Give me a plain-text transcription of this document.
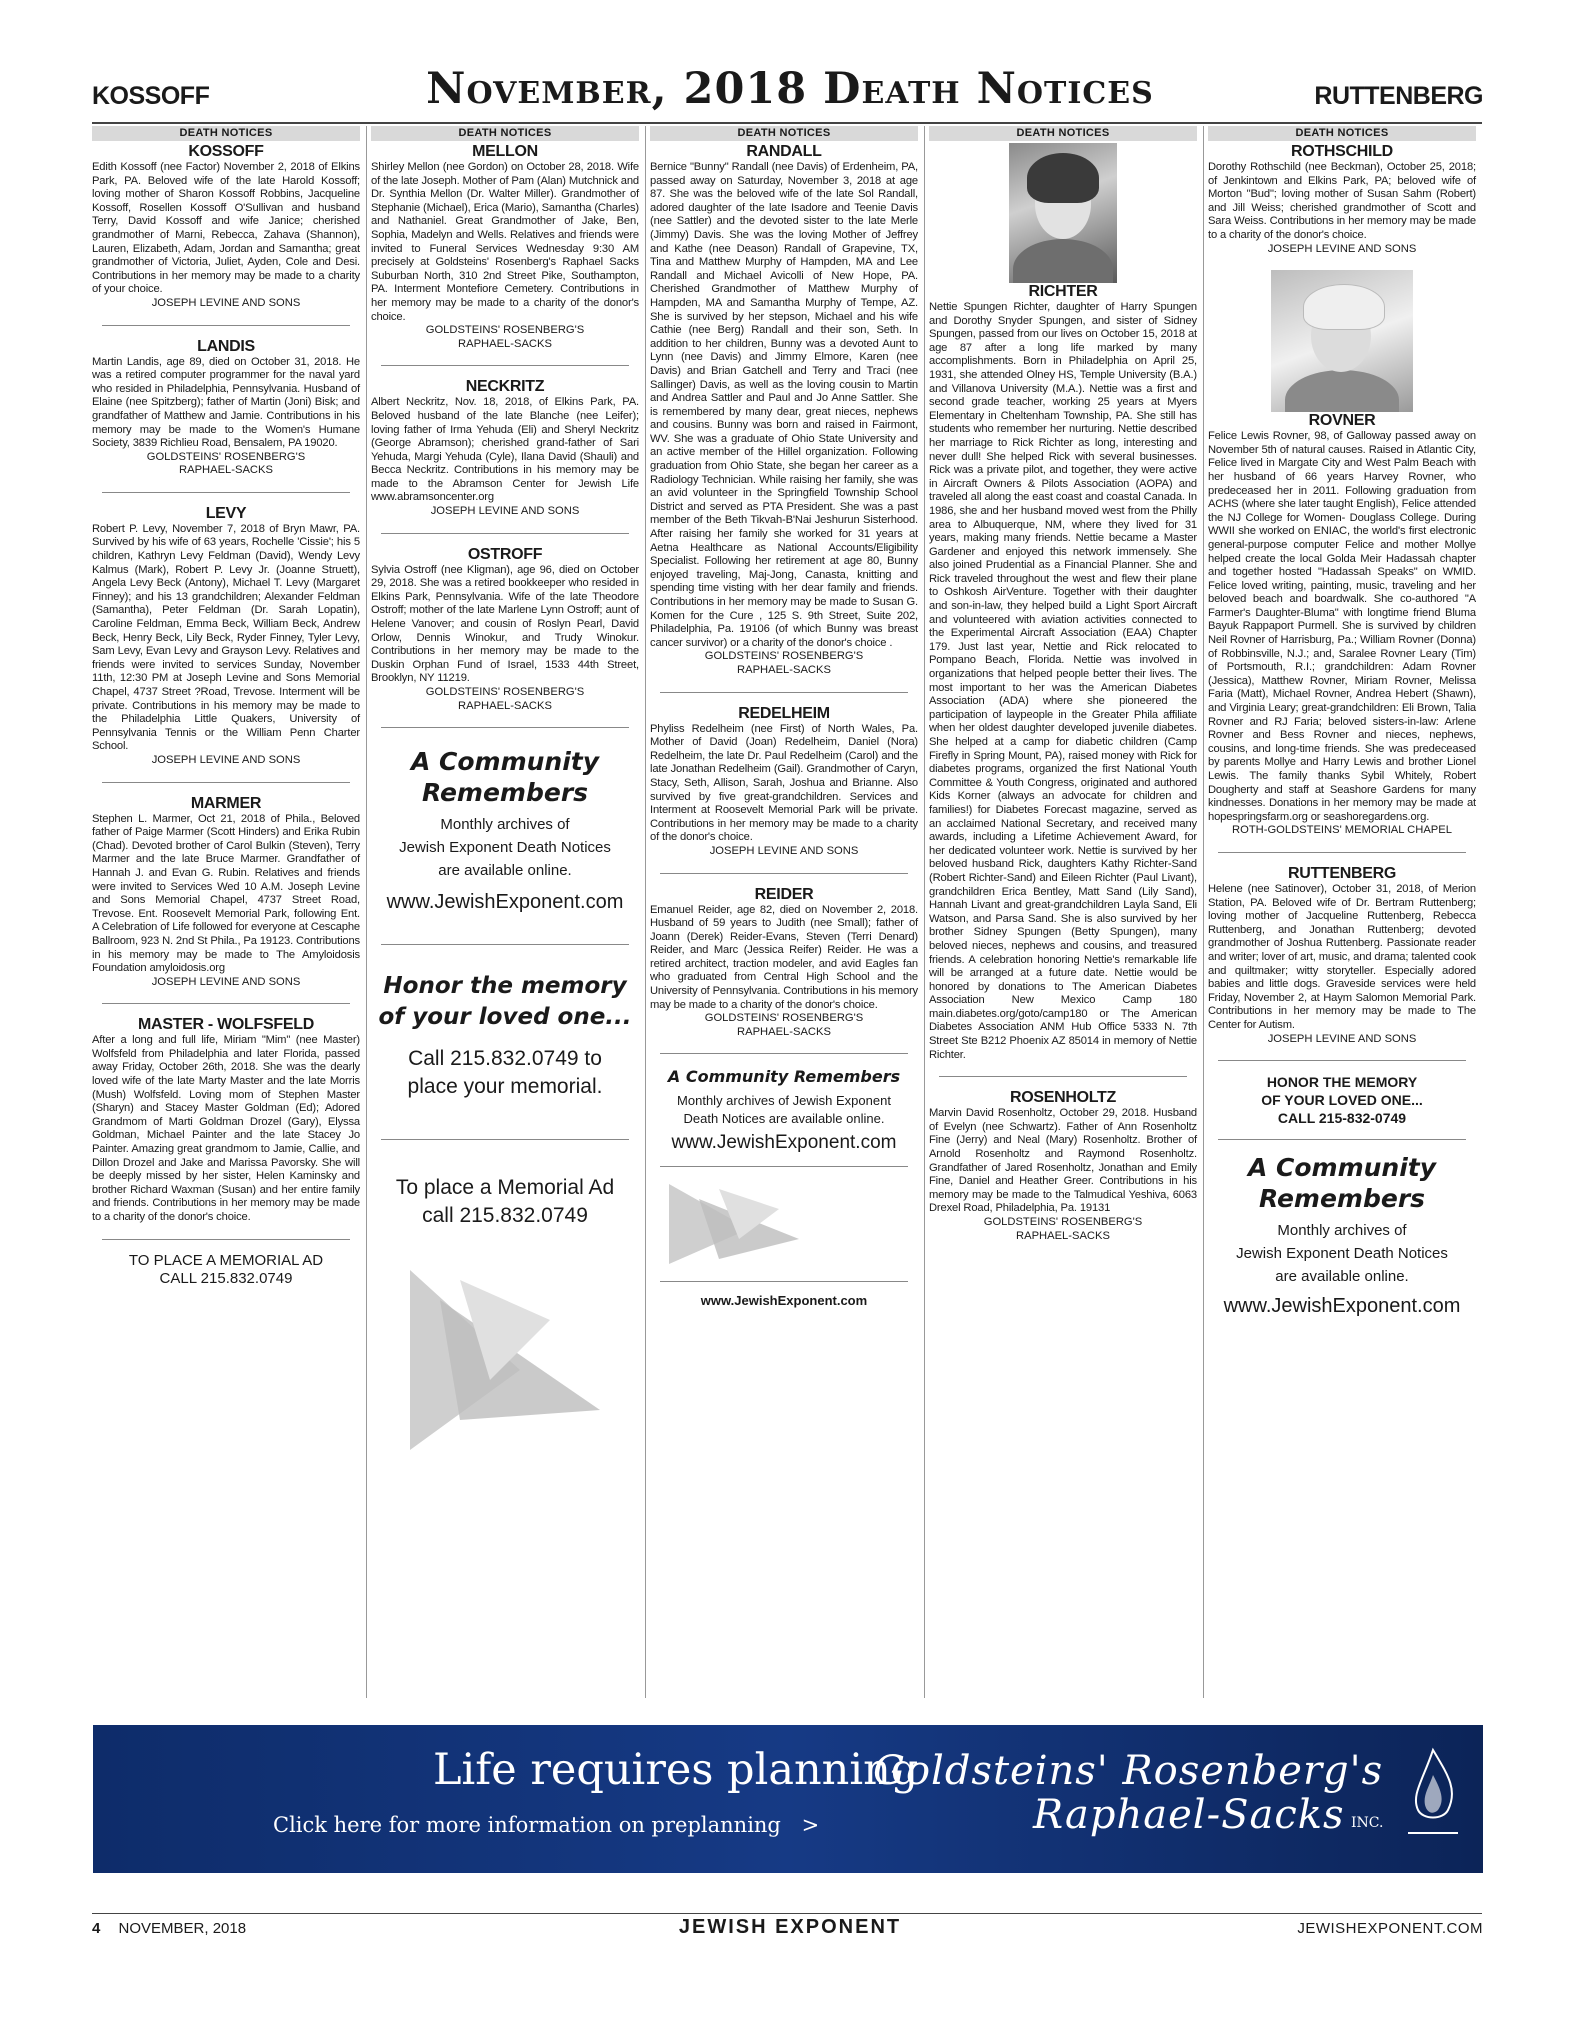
KOSSOFF	November, 2018 Death Notices	RUTTENBERG
DEATH NOTICES

KOSSOFF

Edith Kossoff (nee Factor) November 2, 2018 of Elkins Park, PA. Beloved wife of the late Harold Kossoff; loving mother of Sharon Kossoff Robbins, Jacqueline Kossoff, Rosellen Kossoff O'Sullivan and husband Terry, David Kossoff and wife Janice; cherished grandmother of Marni, Rebecca, Zahava (Shannon), Lauren, Elizabeth, Adam, Jordan and Samantha; great grandmother of Victoria, Juliet, Ayden, Cole and Desi. Contributions in her memory may be made to a charity of your choice.

JOSEPH LEVINE AND SONS

LANDIS

Martin Landis, age 89, died on October 31, 2018. He was a retired computer programmer for the naval yard who resided in Philadelphia, Pennsylvania. Husband of Elaine (nee Spitzberg); father of Martin (Joni) Bisk; and grandfather of Matthew and Jamie. Contributions in his memory may be made to the Women's Humane Society, 3839 Richlieu Road, Bensalem, PA 19020.

GOLDSTEINS' ROSENBERG'S

RAPHAEL-SACKS

LEVY

Robert P. Levy, November 7, 2018 of Bryn Mawr, PA. Survived by his wife of 63 years, Rochelle 'Cissie'; his 5 children, Kathryn Levy Feldman (David), Wendy Levy Kalmus (Mark), Robert P. Levy Jr. (Joanne Struett), Angela Levy Beck (Antony), Michael T. Levy (Margaret Finney); and his 13 grandchildren; Alexander Feldman (Samantha), Peter Feldman (Dr. Sarah Lopatin), Caroline Feldman, Emma Beck, William Beck, Andrew Beck, Henry Beck, Lily Beck, Ryder Finney, Tyler Levy, Sam Levy, Evan Levy and Grayson Levy. Relatives and friends were invited to services Sunday, November 11th, 12:30 PM at Joseph Levine and Sons Memorial Chapel, 4737 Street ?Road, Trevose. Interment will be private. Contributions in his memory may be made to the Philadelphia Little Quakers, University of Pennsylvania Tennis or the William Penn Charter School.

JOSEPH LEVINE AND SONS

MARMER

Stephen L. Marmer, Oct 21, 2018 of Phila., Beloved father of Paige Marmer (Scott Hinders) and Erika Rubin (Chad). Devoted brother of Carol Bulkin (Steven), Terry Marmer and the late Bruce Marmer. Grandfather of Hannah J. and Evan G. Rubin. Relatives and friends were invited to Services Wed 10 A.M. Joseph Levine and Sons Memorial Chapel, 4737 Street Road, Trevose. Ent. Roosevelt Memorial Park, following Ent. A Celebration of Life followed for everyone at Cescaphe Ballroom, 923 N. 2nd St Phila., Pa 19123. Contributions in his memory may be made to The Amyloidosis Foundation amyloidosis.org

JOSEPH LEVINE AND SONS

MASTER - WOLFSFELD

After a long and full life, Miriam "Mim" (nee Master) Wolfsfeld from Philadelphia and later Florida, passed away Friday, October 26th, 2018. She was the dearly loved wife of the late Marty Master and the late Morris (Mush) Wolfsfeld. Loving mom of Stephen Master (Sharyn) and Stacey Master Goldman (Ed); Adored Grandmom of Marti Goldman Drozel (Gary), Elyssa Goldman, Michael Painter and the late Stacey Jo Painter. Amazing great grandmom to Jamie, Callie, and Dillon Drozel and Jake and Marissa Pavorsky. She will be deeply missed by her sister, Helen Kaminsky and brother Richard Waxman (Susan) and her entire family and friends. Contributions in her memory may be made to a charity of the donor's choice.

TO PLACE A MEMORIAL AD

CALL 215.832.0749

DEATH NOTICES

MELLON

Shirley Mellon (nee Gordon) on October 28, 2018. Wife of the late Joseph. Mother of Pam (Alan) Mutchnick and Dr. Synthia Mellon (Dr. Walter Miller). Grandmother of Stephanie (Michael), Erica (Mario), Samantha (Charles) and Nathaniel. Great Grandmother of Jake, Ben, Sophia, Madelyn and Wells. Relatives and friends were invited to Funeral Services Wednesday 9:30 AM precisely at Goldsteins' Rosenberg's Raphael Sacks Suburban North, 310 2nd Street Pike, Southampton, PA. Interment Montefiore Cemetery. Contributions in her memory may be made to a charity of the donor's choice.

GOLDSTEINS' ROSENBERG'S

RAPHAEL-SACKS

NECKRITZ

Albert Neckritz, Nov. 18, 2018, of Elkins Park, PA. Beloved husband of the late Blanche (nee Leifer); loving father of Irma Yehuda (Eli) and Sheryl Neckritz (George Abramson); cherished grand-father of Sari Yehuda, Margi Yehuda (Cyle), Ilana David (Shauli) and Becca Neckritz. Contributions in his memory may be made to the Abramson Center for Jewish Life www.abramsoncenter.org

JOSEPH LEVINE AND SONS

OSTROFF

Sylvia Ostroff (nee Kligman), age 96, died on October 29, 2018. She was a retired bookkeeper who resided in Elkins Park, Pennsylvania. Wife of the late Theodore Ostroff; mother of the late Marlene Lynn Ostroff; aunt of Helene Vanover; and cousin of Roslyn Pearl, David Orlow, Dennis Winokur, and Trudy Winokur. Contributions in her memory may be made to the Duskin Orphan Fund of Israel, 1533 44th Street, Brooklyn, NY 11219.

GOLDSTEINS' ROSENBERG'S

RAPHAEL-SACKS

A Community

Remembers

Monthly archives of

Jewish Exponent Death Notices

are available online.

www.JewishExponent.com

Honor the memory

of your loved one...

Call 215.832.0749 to

place your memorial.

To place a Memorial Ad

call 215.832.0749

DEATH NOTICES

RANDALL

Bernice "Bunny" Randall (nee Davis) of Erdenheim, PA, passed away on Saturday, November 3, 2018 at age 87. She was the beloved wife of the late Sol Randall, adored daughter of the late Isadore and Teenie Davis (nee Sattler) and the devoted sister to the late Merle (Jimmy) Davis. She was the loving Mother of Jeffrey and Kathe (nee Deason) Randall of Grapevine, TX, Tina and Matthew Murphy of Hampden, MA and Lee Randall and Michael Avicolli of New Hope, PA. Cherished Grandmother of Matthew Murphy of Hampden, MA and Samantha Murphy of Tempe, AZ. She is survived by her stepson, Michael and his wife Cathie (nee Berg) Randall and their son, Seth. In addition to her children, Bunny was a devoted Aunt to Lynn (nee Davis) and Jimmy Elmore, Karen (nee Davis) and Brian Gatchell and Terry and Traci (nee Sallinger) Davis, as well as the loving cousin to Martin and Andrea Sattler and Paul and Jo Anne Sattler. She is remembered by many dear, great nieces, nephews and cousins. Bunny was born and raised in Fairmont, WV. She was a graduate of Ohio State University and an active member of the Hillel organization. Following graduation from Ohio State, she began her career as a Radiology Technician. While raising her family, she was an avid volunteer in the Springfield Township School District and served as PTA President. She was a past member of the Beth Tikvah-B'Nai Jeshurun Sisterhood. After raising her family she worked for 31 years at Aetna Healthcare as National Accounts/Eligibility Specialist. Following her retirement at age 80, Bunny enjoyed traveling, Maj-Jong, Canasta, knitting and spending time visting with her dear family and friends. Contributions in her memory may be made to Susan G. Komen for the Cure , 125 S. 9th Street, Suite 202, Philadelphia, Pa. 19106 (of which Bunny was breast cancer survivor) or a charity of the donor's choice .

GOLDSTEINS' ROSENBERG'S

RAPHAEL-SACKS

REDELHEIM

Phyliss Redelheim (nee First) of North Wales, Pa. Mother of David (Joan) Redelheim, Daniel (Nora) Redelheim, the late Dr. Paul Redelheim (Carol) and the late Jonathan Redelheim (Gail). Grandmother of Caryn, Stacy, Seth, Allison, Sarah, Joshua and Brianne. Also survived by five great-grandchildren. Services and Interment at Roosevelt Memorial Park will be private. Contributions in her memory may be made to a charity of the donor's choice.

JOSEPH LEVINE AND SONS

REIDER

Emanuel Reider, age 82, died on November 2, 2018. Husband of 59 years to Judith (nee Small); father of Joann (Derek) Reider-Evans, Steven (Terri Denard) Reider, and Marc (Jessica Reifer) Reider. He was a retired architect, traction modeler, and avid Eagles fan who graduated from Central High School and the University of Pennsylvania. Contributions in his memory may be made to a charity of the donor's choice.

GOLDSTEINS' ROSENBERG'S

RAPHAEL-SACKS

A Community Remembers

Monthly archives of Jewish Exponent

Death Notices are available online.

www.JewishExponent.com

www.JewishExponent.com

DEATH NOTICES

RICHTER

Nettie Spungen Richter, daughter of Harry Spungen and Dorothy Snyder Spungen, and sister of Sidney Spungen, passed from our lives on October 15, 2018 at age 87 after a long life marked by many accomplishments. Born in Philadelphia on April 25, 1931, she attended Olney HS, Temple University (B.A.) and Villanova University (M.A.). Nettie was a first and second grade teacher, working 25 years at Myers Elementary in Cheltenham Township, PA. She still has students who remember her nurturing. Nettie described her marriage to Rick Richter as long, interesting and never dull! She helped Rick with several businesses. Rick was a private pilot, and together, they were active in Aircraft Owners & Pilots Association (AOPA) and traveled all along the east coast and coastal Canada. In 1986, she and her husband moved west from the Philly area to Albuquerque, NM, where they lived for 31 years, making many friends. Nettie became a Master Gardener and enjoyed this network immensely. She also joined Prudential as a Financial Planner. She and Rick traveled throughout the west and flew their plane to Oshkosh AirVenture. Together with their daughter and son-in-law, they helped build a Light Sport Aircraft and volunteered with aviation activities connected to the Experimental Aircraft Association (EAA) Chapter 179. Just last year, Nettie and Rick relocated to Pompano Beach, Florida. Nettie was involved in organizations that helped people better their lives. The most important to her was the American Diabetes Association (ADA) where she pioneered the participation of laypeople in the Greater Phila affiliate when her oldest daughter developed juvenile diabetes. She helped at a camp for diabetic children (Camp Firefly in Spring Mount, PA), raised money with Rick for diabetes programs, organized the first National Youth Committee & Youth Congress, originated and authored Kids Korner (always an advocate for children and families!) for Diabetes Forecast magazine, served as an acclaimed National Secretary, and received many awards, including a Lifetime Achievement Award, for her dedicated volunteer work. Nettie is survived by her beloved husband Rick, daughters Kathy Richter-Sand (Robert Richter-Sand) and Eileen Richter (Paul Livant), grandchildren Erica Bentley, Matt Sand (Lily Sand), Hannah Livant and great-grandchildren Layla Sand, Eli Watson, and Parsa Sand. She is also survived by her brother Sidney Spungen (Betty Spungen), many beloved nieces, nephews and cousins, and treasured friends. A celebration honoring Nettie's remarkable life will be arranged at a future date. Nettie would be honored by donations to The American Diabetes Association New Mexico Camp 180 main.diabetes.org/goto/camp180 or The American Diabetes Association ANM Hub Office 5333 N. 7th Street Ste B212 Phoenix AZ 85014 in memory of Nettie Richter.

ROSENHOLTZ

Marvin David Rosenholtz, October 29, 2018. Husband of Evelyn (nee Schwartz). Father of Ann Rosenholtz Fine (Jerry) and Neal (Mary) Rosenholtz. Brother of Arnold Rosenholtz and Raymond Rosenholtz. Grandfather of Jared Rosenholtz, Jonathan and Emily Fine, Daniel and Heather Greer. Contributions in his memory may be made to the Talmudical Yeshiva, 6063 Drexel Road, Philadelphia, Pa. 19131

GOLDSTEINS' ROSENBERG'S

RAPHAEL-SACKS

DEATH NOTICES

ROTHSCHILD

Dorothy Rothschild (nee Beckman), October 25, 2018; of Jenkintown and Elkins Park, PA; beloved wife of Morton "Bud"; loving mother of Susan Sahm (Robert) and Jill Weiss; cherished grandmother of Scott and Sara Weiss. Contributions in her memory may be made to a charity of the donor's choice.

JOSEPH LEVINE AND SONS

ROVNER

Felice Lewis Rovner, 98, of Galloway passed away on November 5th of natural causes. Raised in Atlantic City, Felice lived in Margate City and West Palm Beach with her husband of 66 years Harvey Rovner, who predeceased her in 2011. Following graduation from ACHS (where she later taught English), Felice attended the NJ College for Women- Douglass College. During WWII she worked on ENIAC, the world's first electronic general-purpose computer Felice and mother Mollye helped create the local Golda Meir Hadassah chapter and together hosted "Hadassah Speaks" on WMID. Felice loved writing, painting, music, traveling and her beloved beach and boardwalk. She co-authored "A Farmer's Daughter-Bluma" with longtime friend Bluma Bayuk Rappaport Purmell. She is survived by children Neil Rovner of Harrisburg, Pa.; William Rovner (Donna) of Robbinsville, N.J.; and, Saralee Rovner Leary (Tim) of Portsmouth, R.I.; grandchildren: Adam Rovner (Jessica), Matthew Rovner, Miriam Rovner, Melissa Faria (Matt), Michael Rovner, Andrea Hebert (Shawn), and Virginia Leary; great-grandchildren: Eli Brown, Talia Rovner and RJ Faria; beloved sisters-in-law: Arlene Rovner and Bess Rovner and nieces, nephews, cousins, and long-time friends. She was predeceased by parents Mollye and Harry Lewis and brother Lionel Lewis. The family thanks Sybil Whitely, Robert Dougherty and staff at Seashore Gardens for many kindnesses. Donations in her memory may be made at hopespringsfarm.org or seashoregardens.org.

ROTH-GOLDSTEINS' MEMORIAL CHAPEL

RUTTENBERG

Helene (nee Satinover), October 31, 2018, of Merion Station, PA. Beloved wife of Dr. Bertram Ruttenberg; loving mother of Jacqueline Ruttenberg, Rebecca Ruttenberg, and Jonathan Ruttenberg; devoted grandmother of Joshua Ruttenberg. Passionate reader and writer; lover of art, music, and drama; talented cook and quiltmaker; witty storyteller. Especially adored babies and little dogs. Graveside services were held Friday, November 2, at Haym Salomon Memorial Park. Contributions in her memory may be made to The Center for Autism.

JOSEPH LEVINE AND SONS

HONOR THE MEMORY

OF YOUR LOVED ONE...

CALL 215-832-0749

A Community

Remembers

Monthly archives of

Jewish Exponent Death Notices

are available online.

www.JewishExponent.com

Life requires planning
Click here for more information on preplanning >
Goldsteins' Rosenberg's
Raphael-Sacks INC.
4 NOVEMBER, 2018	JEWISH EXPONENT	JEWISHEXPONENT.COM
